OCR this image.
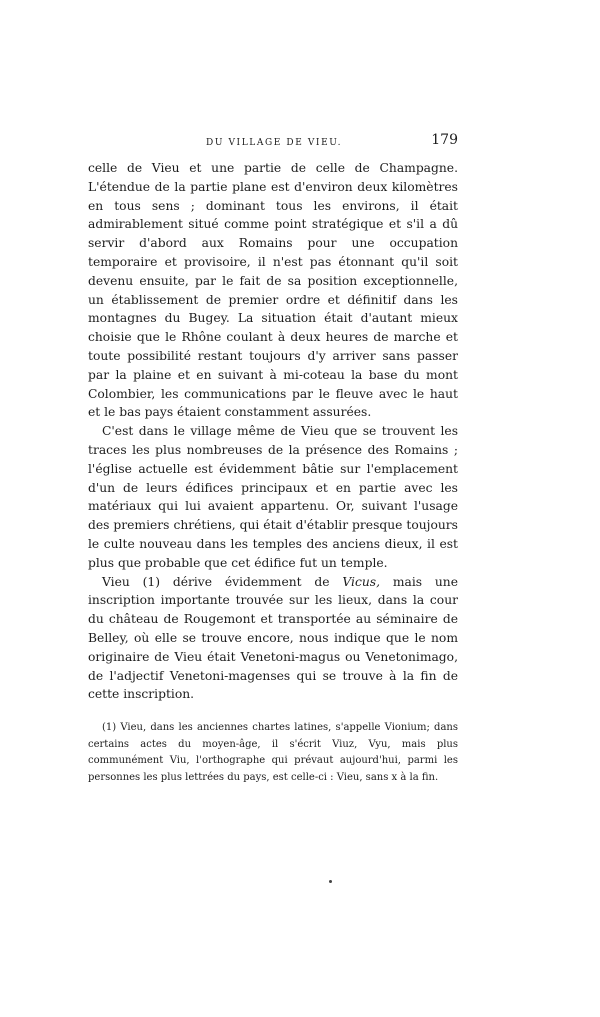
DU VILLAGE DE VIEU.	179

celle de Vieu et une partie de celle de Champagne. L'étendue de la partie plane est d'environ deux kilomètres en tous sens ; dominant tous les environs, il était admirablement situé comme point stratégique et s'il a dû servir d'abord aux Romains pour une occupation temporaire et provisoire, il n'est pas étonnant qu'il soit devenu ensuite, par le fait de sa position exceptionnelle, un établissement de premier ordre et définitif dans les montagnes du Bugey. La situation était d'autant mieux choisie que le Rhône coulant à deux heures de marche et toute possibilité restant toujours d'y arriver sans passer par la plaine et en suivant à mi-coteau la base du mont Colombier, les communications par le fleuve avec le haut et le bas pays étaient constamment assurées.

C'est dans le village même de Vieu que se trouvent les traces les plus nombreuses de la présence des Romains ; l'église actuelle est évidemment bâtie sur l'emplacement d'un de leurs édifices principaux et en partie avec les matériaux qui lui avaient appartenu. Or, suivant l'usage des premiers chrétiens, qui était d'établir presque toujours le culte nouveau dans les temples des anciens dieux, il est plus que probable que cet édifice fut un temple.

Vieu (1) dérive évidemment de Vicus, mais une inscription importante trouvée sur les lieux, dans la cour du château de Rougemont et transportée au séminaire de Belley, où elle se trouve encore, nous indique que le nom originaire de Vieu était Venetoni-magus ou Venetonimago, de l'adjectif Venetoni-magenses qui se trouve à la fin de cette inscription.

(1) Vieu, dans les anciennes chartes latines, s'appelle Vionium; dans certains actes du moyen-âge, il s'écrit Viuz, Vyu, mais plus communément Viu, l'orthographe qui prévaut aujourd'hui, parmi les personnes les plus lettrées du pays, est celle-ci : Vieu, sans x à la fin.
